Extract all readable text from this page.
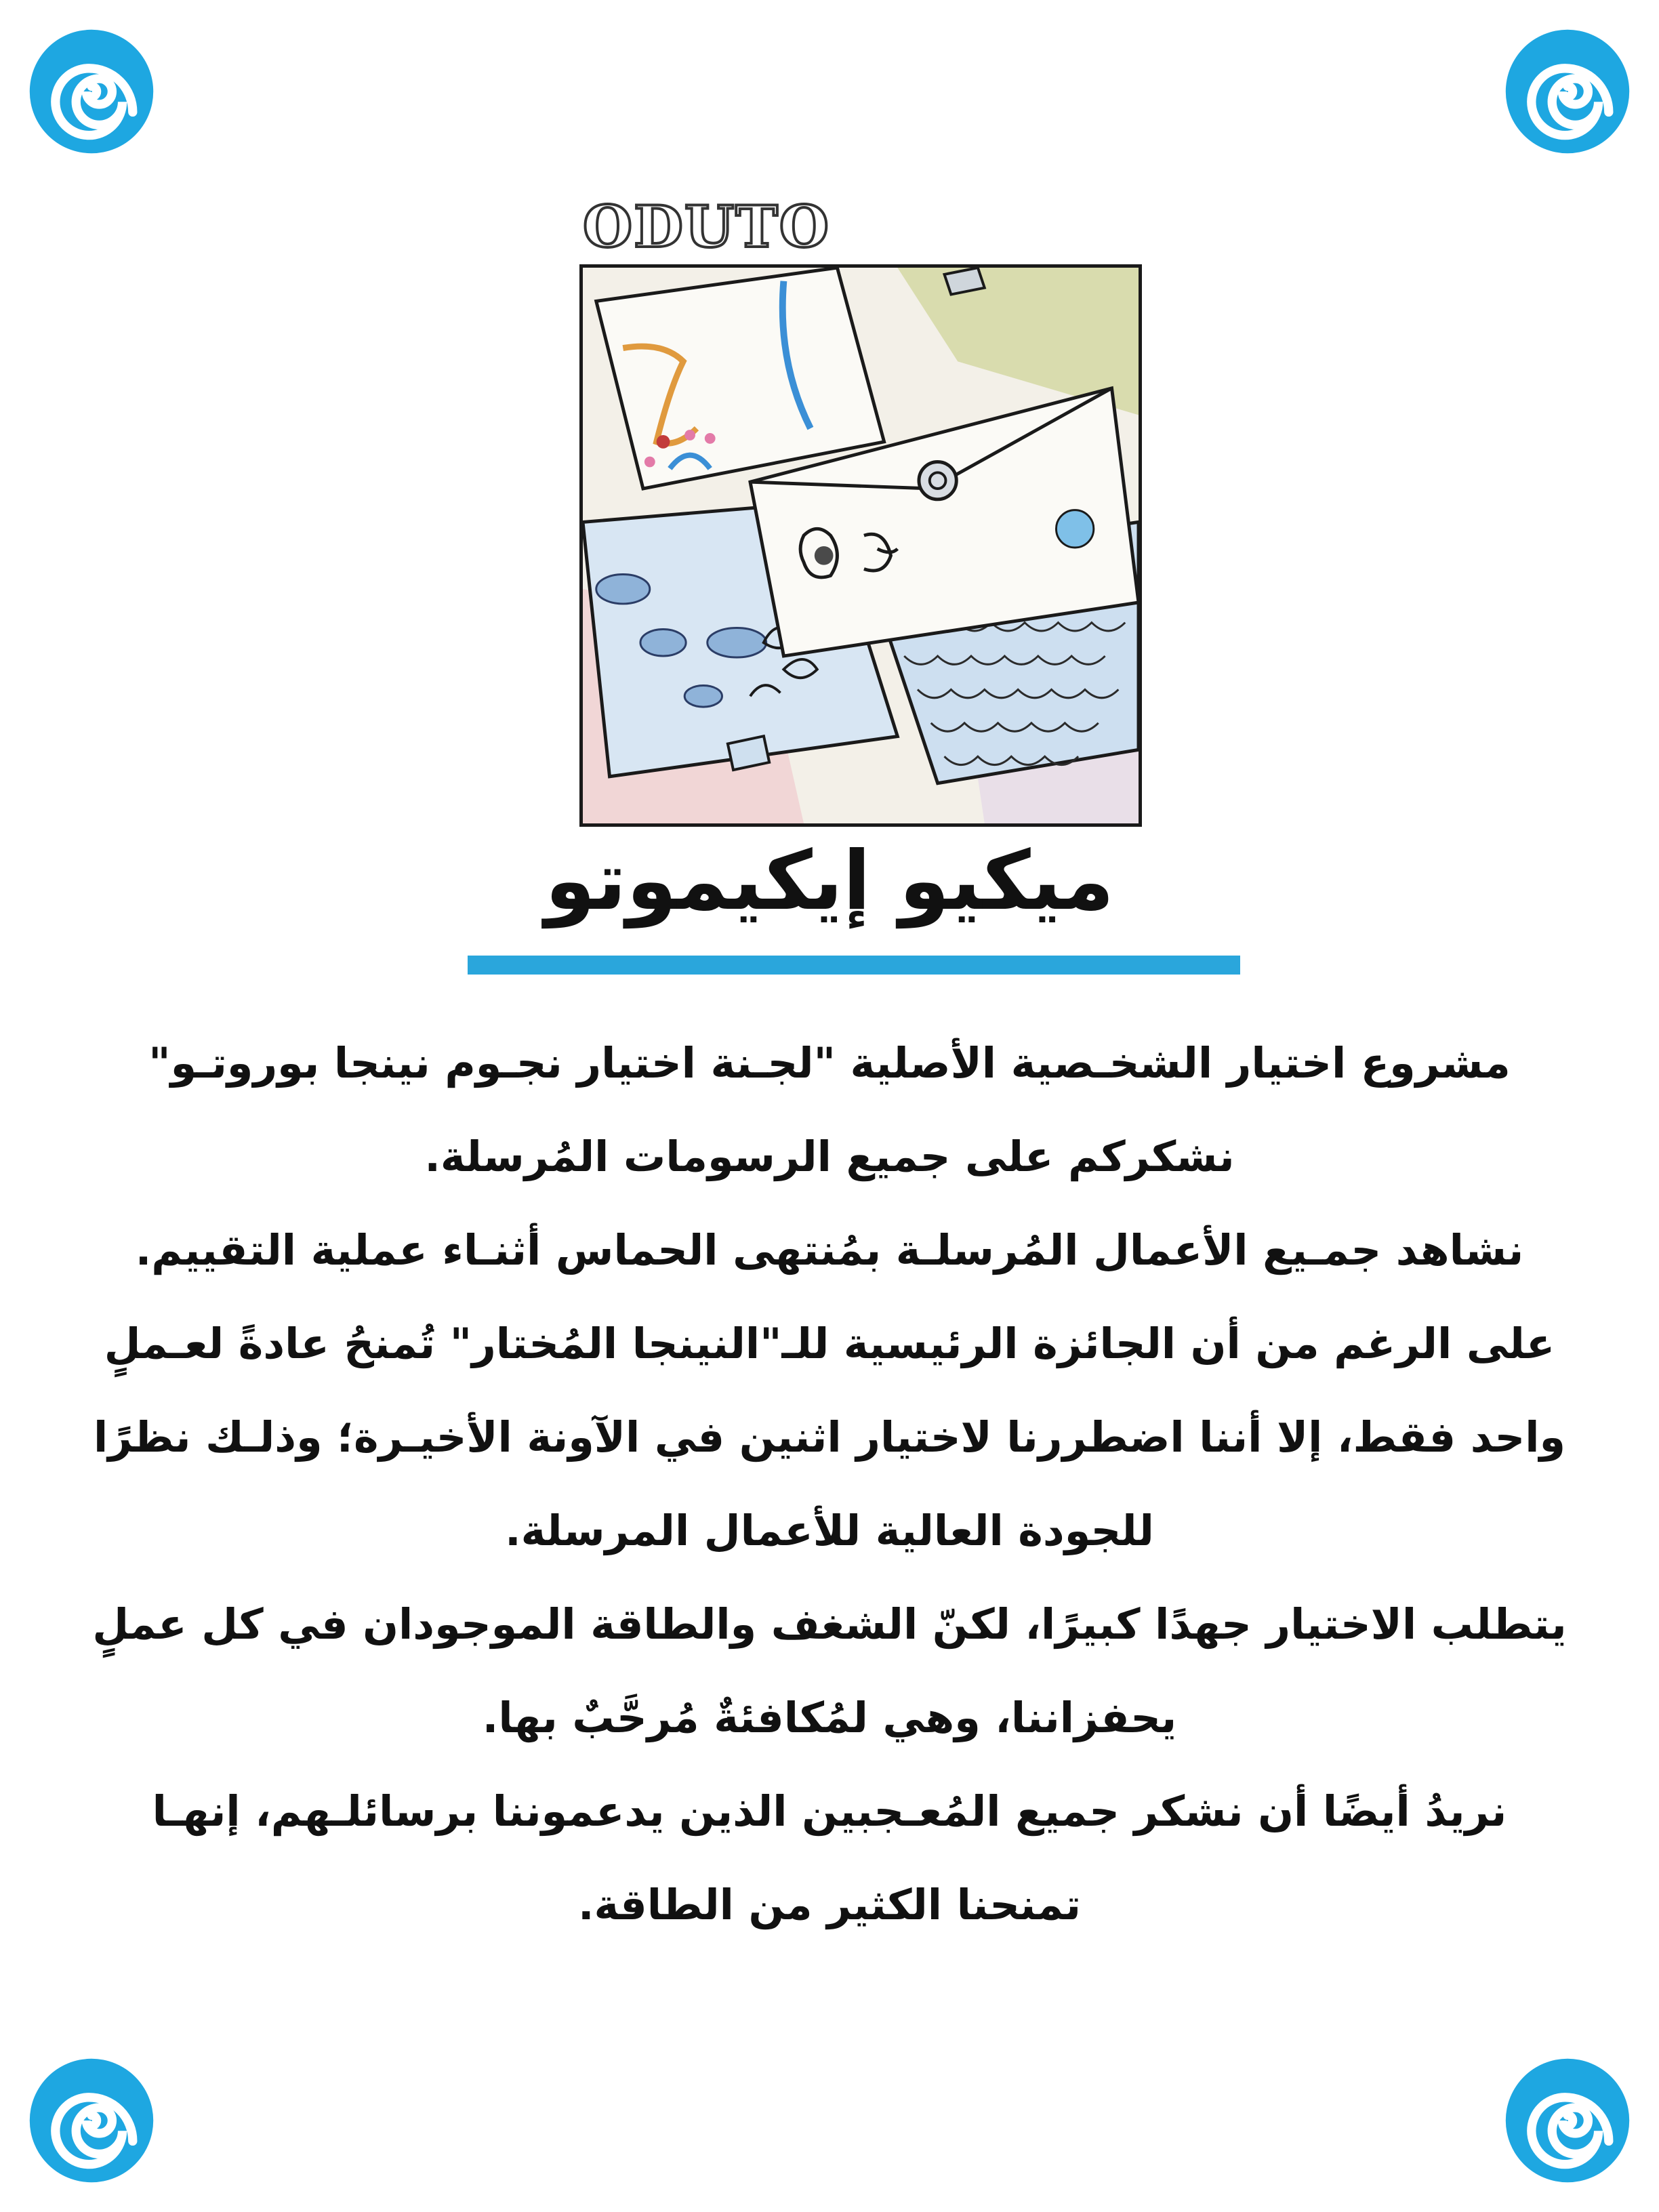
ODUTO
ميكيو إيكيموتو

مشروع اختيار الشخـصية الأصلية "لجـنة اختيار نجـوم نينجا بوروتـو"

نشكركم على جميع الرسومات المُرسلة.

نشاهد جمـيع الأعمال المُرسلـة بمُنتهى الحماس أثنـاء عملية التقييم.

على الرغم من أن الجائزة الرئيسية للـ"النينجا المُختار" تُمنحُ عادةً لعـملٍ

واحد فقط، إلا أننا اضطررنا لاختيار اثنين في الآونة الأخيـرة؛ وذلـك نظرًا

للجودة العالية للأعمال المرسلة.

يتطلب الاختيار جهدًا كبيرًا، لكنّ الشغف والطاقة الموجودان في كل عملٍ

يحفزاننا، وهي لمُكافئةٌ مُرحَّبٌ بها.

نريدُ أيضًا أن نشكر جميع المُعـجبين الذين يدعموننا برسائلـهم، إنهـا

تمنحنا الكثير من الطاقة.
